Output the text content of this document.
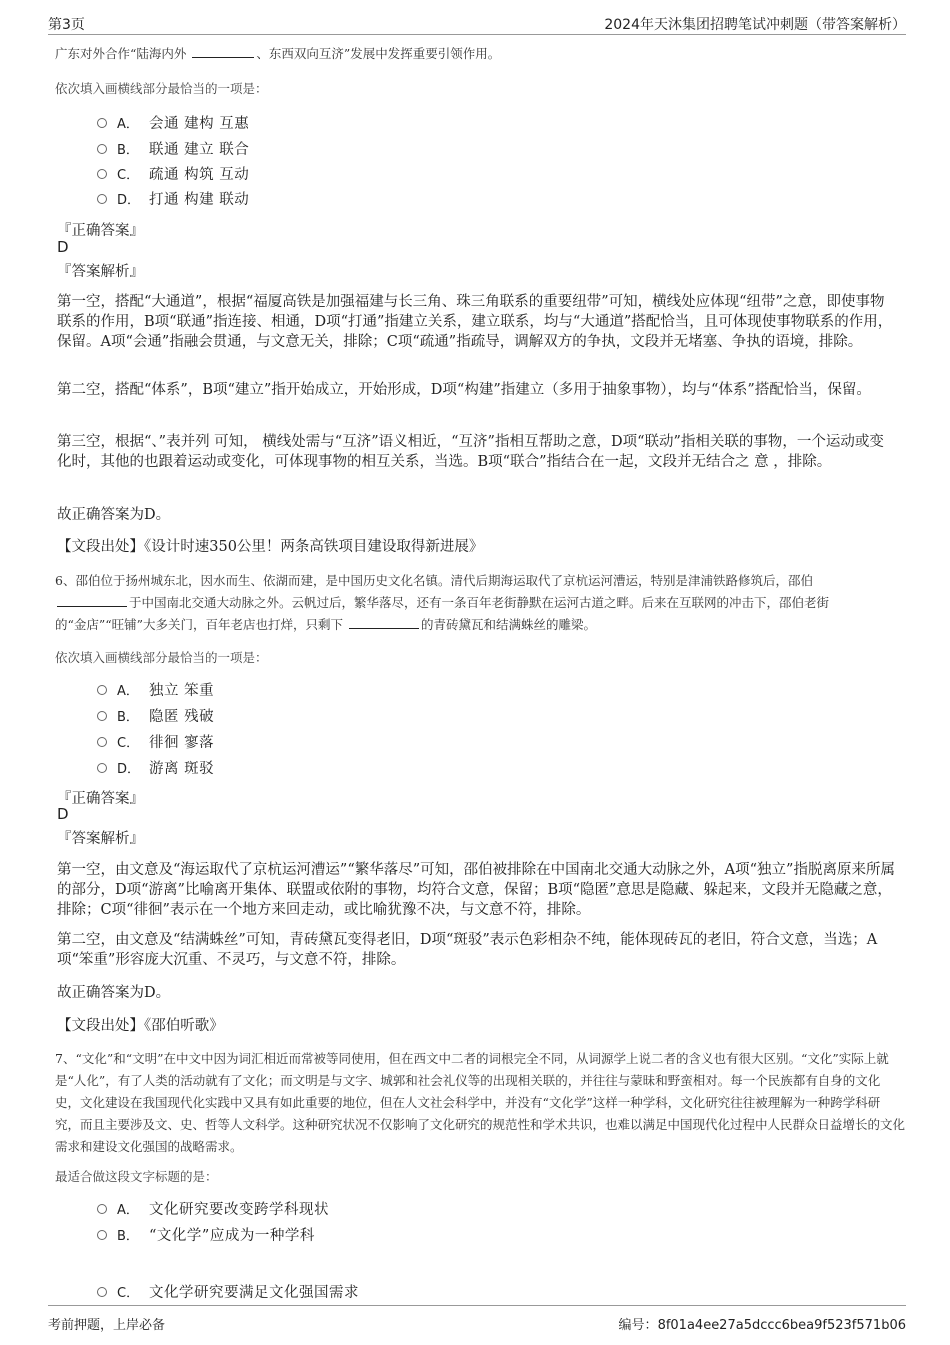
第3页	2024年天沐集团招聘笔试冲刺题（带答案解析）
广东对外合作“陆海内外	、东西双向互济”发展中发挥重要引领作用。
依次填入画横线部分最恰当的一项是：
A． 会通 建构 互惠
B． 联通 建立 联合
C． 疏通 构筑 互动
D． 打通 构建 联动
『正确答案』
D
『答案解析』
第一空，搭配“大通道”，根据“福厦高铁是加强福建与长三角、珠三角联系的重要纽带”可知，横线处应体现“纽带”之意，即使事物联系的作用，B项“联通”指连接、相通，D项“打通”指建立关系，建立联系，均与“大通道”搭配恰当，且可体现使事物联系的作用，保留。A项“会通”指融会贯通，与文意无关，排除；C项“疏通”指疏导，调解双方的争执，文段并无堵塞、争执的语境，排除。
第二空，搭配“体系”，B项“建立”指开始成立，开始形成，D项“构建”指建立（多用于抽象事物），均与“体系”搭配恰当，保留。
第三空，根据“、”表并列 可知， 横线处需与“互济”语义相近，“互济”指相互帮助之意，D项“联动”指相关联的事物，一个运动或变化时，其他的也跟着运动或变化，可体现事物的相互关系，当选。B项“联合”指结合在一起，文段并无结合之 意 ，排除。
故正确答案为D。
【文段出处】《设计时速350公里！两条高铁项目建设取得新进展》
6、邵伯位于扬州城东北，因水而生、依湖而建，是中国历史文化名镇。清代后期海运取代了京杭运河漕运，特别是津浦铁路修筑后，邵伯
于中国南北交通大动脉之外。云帆过后，繁华落尽，还有一条百年老街静默在运河古道之畔。后来在互联网的冲击下，邵伯老街
的“金店”“旺铺”大多关门，百年老店也打烊，只剩下	的青砖黛瓦和结满蛛丝的雕梁。
依次填入画横线部分最恰当的一项是：
A． 独立 笨重
B． 隐匿 残破
C． 徘徊 寥落
D． 游离 斑驳
『正确答案』
D
『答案解析』
第一空，由文意及“海运取代了京杭运河漕运”“繁华落尽”可知，邵伯被排除在中国南北交通大动脉之外，A项“独立”指脱离原来所属的部分，D项“游离”比喻离开集体、联盟或依附的事物，均符合文意，保留；B项“隐匿”意思是隐藏、躲起来，文段并无隐藏之意，排除；C项“徘徊”表示在一个地方来回走动，或比喻犹豫不决，与文意不符，排除。
第二空，由文意及“结满蛛丝”可知，青砖黛瓦变得老旧，D项“斑驳”表示色彩相杂不纯，能体现砖瓦的老旧，符合文意，当选；A项“笨重”形容庞大沉重、不灵巧，与文意不符，排除。
故正确答案为D。
【文段出处】《邵伯听歌》
7、“文化”和“文明”在中文中因为词汇相近而常被等同使用，但在西文中二者的词根完全不同，从词源学上说二者的含义也有很大区别。“文化”实际上就是“人化”，有了人类的活动就有了文化；而文明是与文字、城郭和社会礼仪等的出现相关联的，并往往与蒙昧和野蛮相对。每一个民族都有自身的文化史，文化建设在我国现代化实践中又具有如此重要的地位，但在人文社会科学中，并没有“文化学”这样一种学科，文化研究往往被理解为一种跨学科研究，而且主要涉及文、史、哲等人文科学。这种研究状况不仅影响了文化研究的规范性和学术共识，也难以满足中国现代化过程中人民群众日益增长的文化需求和建设文化强国的战略需求。
最适合做这段文字标题的是：
A． 文化研究要改变跨学科现状
B． “文化学”应成为一种学科
C． 文化学研究要满足文化强国需求
考前押题，上岸必备	编号：8f01a4ee27a5dccc6bea9f523f571b06
